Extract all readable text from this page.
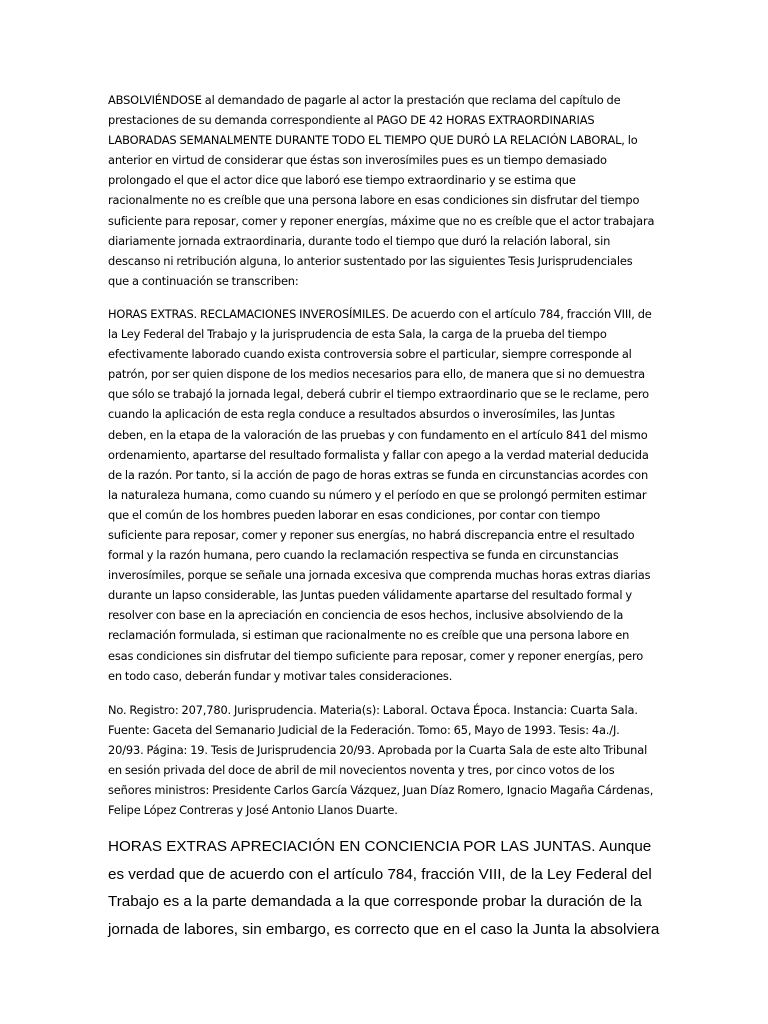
ABSOLVIÉNDOSE al demandado de pagarle al actor la prestación que reclama del capítulo de
prestaciones de su demanda correspondiente al PAGO DE 42 HORAS EXTRAORDINARIAS
LABORADAS SEMANALMENTE DURANTE TODO EL TIEMPO QUE DURÓ LA RELACIÓN LABORAL, lo
anterior en virtud de considerar que éstas son inverosímiles pues es un tiempo demasiado
prolongado el que el actor dice que laboró ese tiempo extraordinario y se estima que
racionalmente no es creíble que una persona labore en esas condiciones sin disfrutar del tiempo
suficiente para reposar, comer y reponer energías, máxime que no es creíble que el actor trabajara
diariamente jornada extraordinaria, durante todo el tiempo que duró la relación laboral, sin
descanso ni retribución alguna, lo anterior sustentado por las siguientes Tesis Jurisprudenciales
que a continuación se transcriben:

HORAS EXTRAS. RECLAMACIONES INVEROSÍMILES. De acuerdo con el artículo 784, fracción VIII, de
la Ley Federal del Trabajo y la jurisprudencia de esta Sala, la carga de la prueba del tiempo
efectivamente laborado cuando exista controversia sobre el particular, siempre corresponde al
patrón, por ser quien dispone de los medios necesarios para ello, de manera que si no demuestra
que sólo se trabajó la jornada legal, deberá cubrir el tiempo extraordinario que se le reclame, pero
cuando la aplicación de esta regla conduce a resultados absurdos o inverosímiles, las Juntas
deben, en la etapa de la valoración de las pruebas y con fundamento en el artículo 841 del mismo
ordenamiento, apartarse del resultado formalista y fallar con apego a la verdad material deducida
de la razón. Por tanto, si la acción de pago de horas extras se funda en circunstancias acordes con
la naturaleza humana, como cuando su número y el período en que se prolongó permiten estimar
que el común de los hombres pueden laborar en esas condiciones, por contar con tiempo
suficiente para reposar, comer y reponer sus energías, no habrá discrepancia entre el resultado
formal y la razón humana, pero cuando la reclamación respectiva se funda en circunstancias
inverosímiles, porque se señale una jornada excesiva que comprenda muchas horas extras diarias
durante un lapso considerable, las Juntas pueden válidamente apartarse del resultado formal y
resolver con base en la apreciación en conciencia de esos hechos, inclusive absolviendo de la
reclamación formulada, si estiman que racionalmente no es creíble que una persona labore en
esas condiciones sin disfrutar del tiempo suficiente para reposar, comer y reponer energías, pero
en todo caso, deberán fundar y motivar tales consideraciones.

No. Registro: 207,780. Jurisprudencia. Materia(s): Laboral. Octava Época. Instancia: Cuarta Sala.
Fuente: Gaceta del Semanario Judicial de la Federación. Tomo: 65, Mayo de 1993. Tesis: 4a./J.
20/93. Página: 19. Tesis de Jurisprudencia 20/93. Aprobada por la Cuarta Sala de este alto Tribunal
en sesión privada del doce de abril de mil novecientos noventa y tres, por cinco votos de los
señores ministros: Presidente Carlos García Vázquez, Juan Díaz Romero, Ignacio Magaña Cárdenas,
Felipe López Contreras y José Antonio Llanos Duarte.

HORAS EXTRAS APRECIACIÓN EN CONCIENCIA POR LAS JUNTAS. Aunque
es verdad que de acuerdo con el artículo 784, fracción VIII, de la Ley Federal del
Trabajo es a la parte demandada a la que corresponde probar la duración de la
jornada de labores, sin embargo, es correcto que en el caso la Junta la absolviera
